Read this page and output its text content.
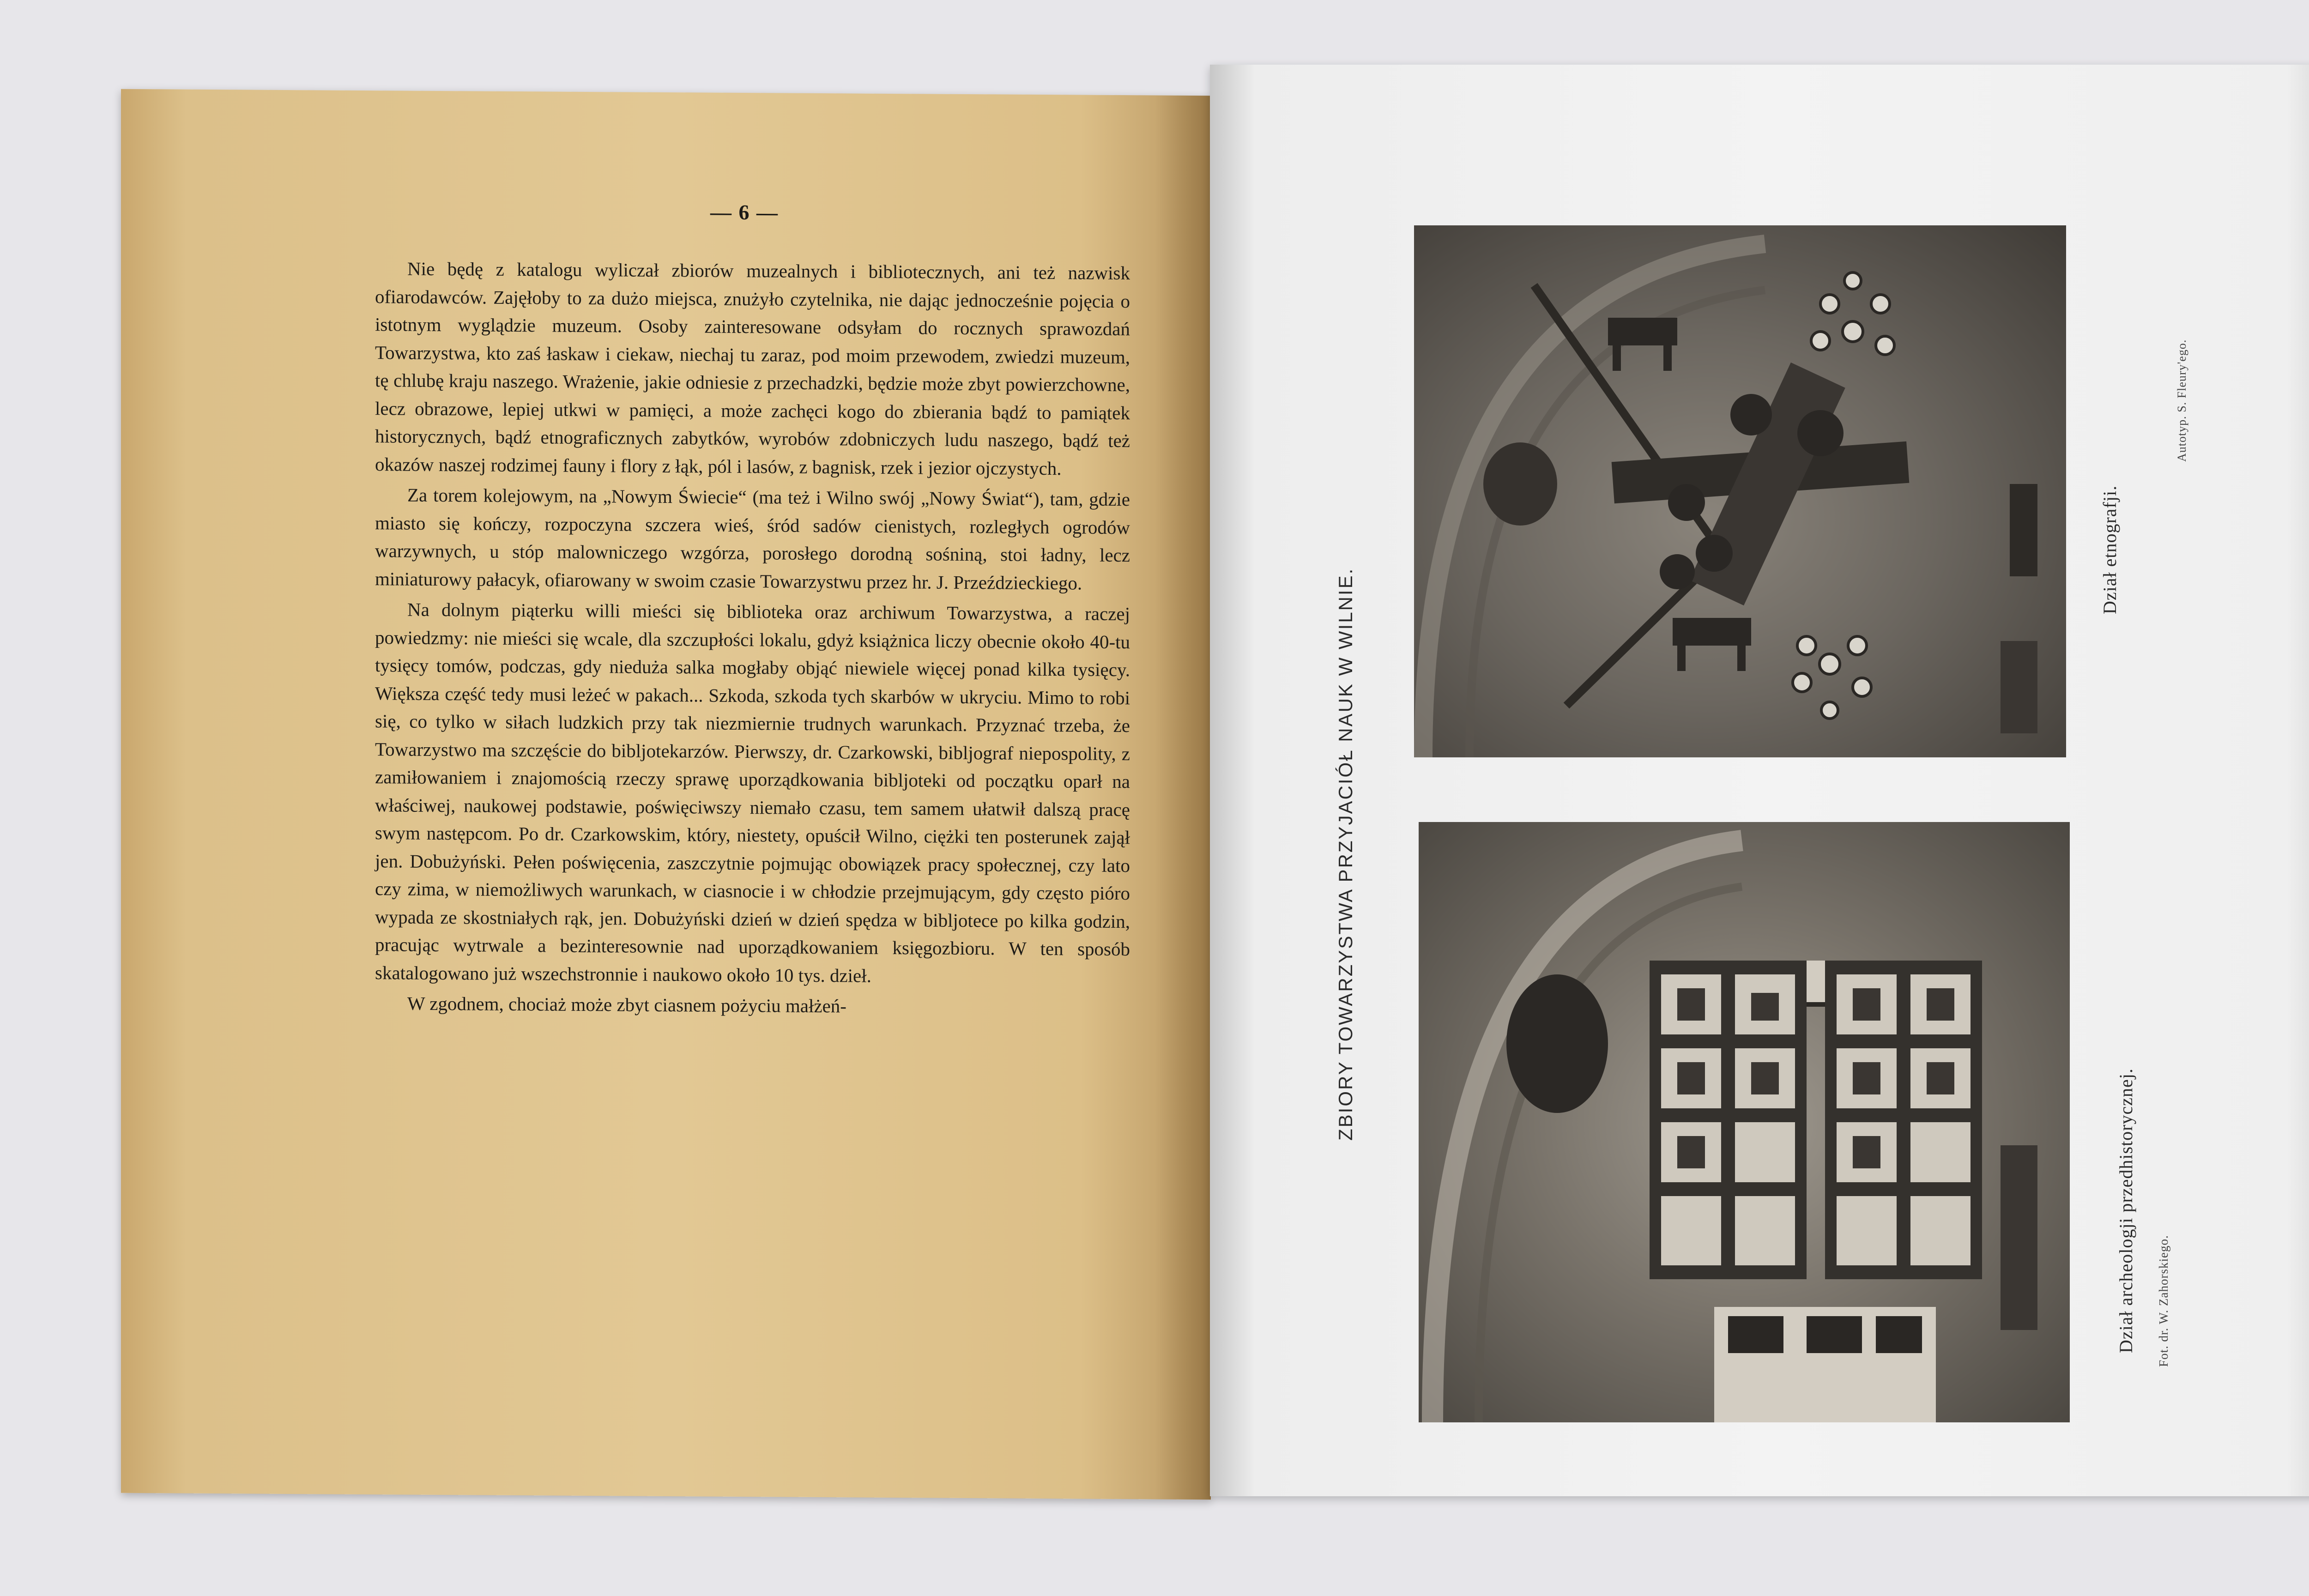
— 6 —

Nie będę z katalogu wyliczał zbiorów muzealnych i bibliotecznych, ani też nazwisk ofiarodawców. Zajęłoby to za dużo miejsca, znużyło czytelnika, nie dając jednocześnie pojęcia o istotnym wyglądzie muzeum. Osoby zainteresowane odsyłam do rocznych sprawozdań Towarzystwa, kto zaś łaskaw i ciekaw, niechaj tu zaraz, pod moim przewodem, zwiedzi muzeum, tę chlubę kraju naszego. Wrażenie, jakie odniesie z przechadzki, będzie może zbyt powierzchowne, lecz obrazowe, lepiej utkwi w pamięci, a może zachęci kogo do zbierania bądź to pamiątek historycznych, bądź etnograficznych zabytków, wyrobów zdobniczych ludu naszego, bądź też okazów naszej rodzimej fauny i flory z łąk, pól i lasów, z bagnisk, rzek i jezior ojczystych.

Za torem kolejowym, na „Nowym Świecie“ (ma też i Wilno swój „Nowy Świat“), tam, gdzie miasto się kończy, rozpoczyna szczera wieś, śród sadów cienistych, rozległych ogrodów warzywnych, u stóp malowniczego wzgórza, porosłego dorodną sośniną, stoi ładny, lecz miniaturowy pałacyk, ofiarowany w swoim czasie Towarzystwu przez hr. J. Przeździeckiego.

Na dolnym piąterku willi mieści się biblioteka oraz archiwum Towarzystwa, a raczej powiedzmy: nie mieści się wcale, dla szczupłości lokalu, gdyż książnica liczy obecnie około 40-tu tysięcy tomów, podczas, gdy nieduża salka mogłaby objąć niewiele więcej ponad kilka tysięcy. Większa część tedy musi leżeć w pakach... Szkoda, szkoda tych skarbów w ukryciu. Mimo to robi się, co tylko w siłach ludzkich przy tak niezmiernie trudnych warunkach. Przyznać trzeba, że Towarzystwo ma szczęście do bibljotekarzów. Pierwszy, dr. Czarkowski, bibljograf niepospolity, z zamiłowaniem i znajomością rzeczy sprawę uporządkowania bibljoteki od początku oparł na właściwej, naukowej podstawie, poświęciwszy niemało czasu, tem samem ułatwił dalszą pracę swym następcom. Po dr. Czarkowskim, który, niestety, opuścił Wilno, ciężki ten posterunek zajął jen. Dobużyński. Pełen poświęcenia, zaszczytnie pojmując obowiązek pracy społecznej, czy lato czy zima, w niemożliwych warunkach, w ciasnocie i w chłodzie przejmującym, gdy często pióro wypada ze skostniałych rąk, jen. Dobużyński dzień w dzień spędza w bibljotece po kilka godzin, pracując wytrwale a bezinteresownie nad uporządkowaniem księgozbioru. W ten sposób skatalogowano już wszechstronnie i naukowo około 10 tys. dzieł.

W zgodnem, chociaż może zbyt ciasnem pożyciu małżeń-

Dział etnografji.
Autotyp. S. Fleury'ego.
Dział archeologji przedhistorycznej. Fot. dr. W. Zahorskiego.
ZBIORY TOWARZYSTWA PRZYJACIÓŁ NAUK W WILNIE.
